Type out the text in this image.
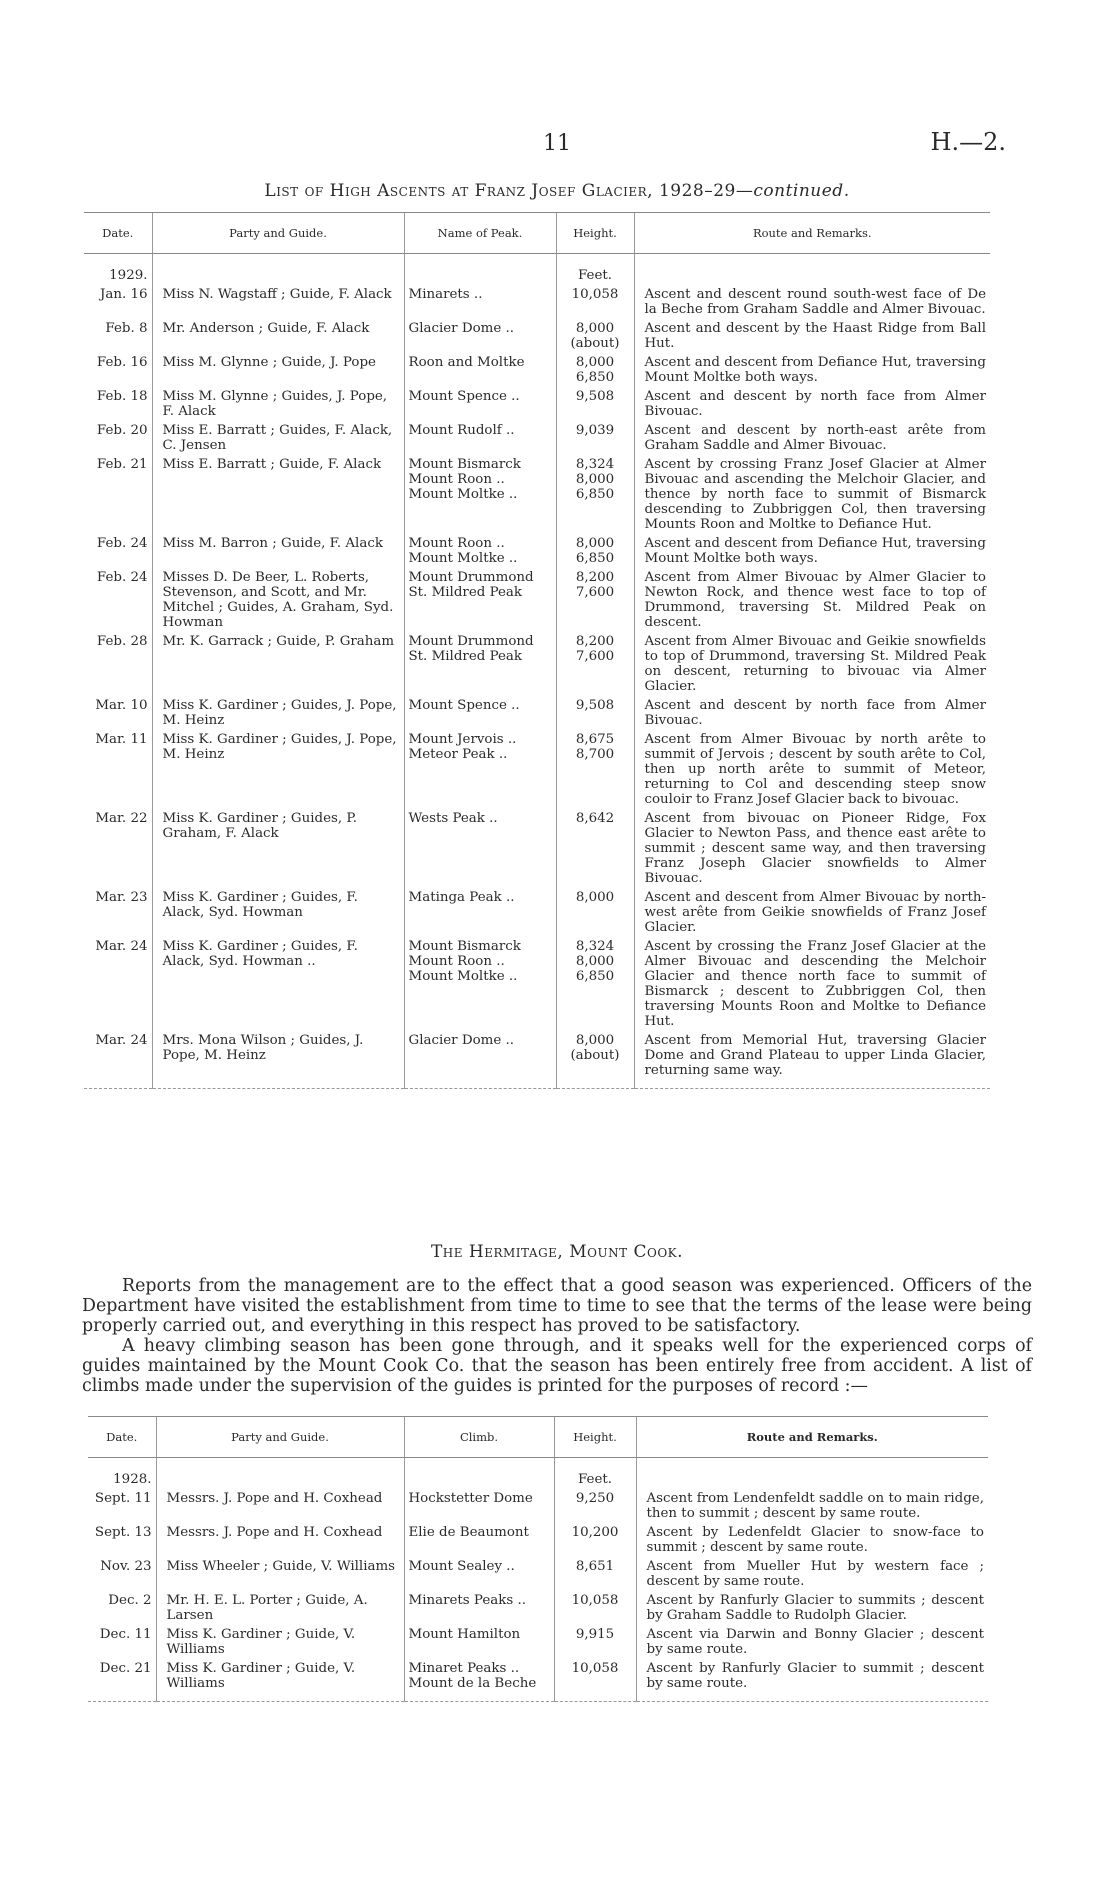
11	H.—2.
List of High Ascents at Franz Josef Glacier, 1928–29—continued.
Date.	Party and Guide.	Name of Peak.	Height.	Route and Remarks.
1929.			Feet.	
Jan. 16	Miss N. Wagstaff ; Guide, F. Alack	Minarets ..	10,058	Ascent and descent round south-west face of De la Beche from Graham Saddle and Almer Bivouac.
Feb. 8	Mr. Anderson ; Guide, F. Alack	Glacier Dome ..	8,000 (about)	Ascent and descent by the Haast Ridge from Ball Hut.
Feb. 16	Miss M. Glynne ; Guide, J. Pope	Roon and Moltke	8,000 6,850	Ascent and descent from Defiance Hut, traversing Mount Moltke both ways.
Feb. 18	Miss M. Glynne ; Guides, J. Pope, F. Alack	Mount Spence ..	9,508	Ascent and descent by north face from Almer Bivouac.
Feb. 20	Miss E. Barratt ; Guides, F. Alack, C. Jensen	Mount Rudolf ..	9,039	Ascent and descent by north-east arête from Graham Saddle and Almer Bivouac.
Feb. 21	Miss E. Barratt ; Guide, F. Alack	Mount Bismarck Mount Roon .. Mount Moltke ..	8,324 8,000 6,850	Ascent by crossing Franz Josef Glacier at Almer Bivouac and ascending the Melchoir Glacier, and thence by north face to summit of Bismarck descending to Zubbriggen Col, then traversing Mounts Roon and Moltke to Defiance Hut.
Feb. 24	Miss M. Barron ; Guide, F. Alack	Mount Roon .. Mount Moltke ..	8,000 6,850	Ascent and descent from Defiance Hut, traversing Mount Moltke both ways.
Feb. 24	Misses D. De Beer, L. Roberts, Stevenson, and Scott, and Mr. Mitchel ; Guides, A. Graham, Syd. Howman	Mount Drummond St. Mildred Peak	8,200 7,600	Ascent from Almer Bivouac by Almer Glacier to Newton Rock, and thence west face to top of Drummond, traversing St. Mildred Peak on descent.
Feb. 28	Mr. K. Garrack ; Guide, P. Graham	Mount Drummond St. Mildred Peak	8,200 7,600	Ascent from Almer Bivouac and Geikie snowfields to top of Drummond, traversing St. Mildred Peak on descent, returning to bivouac via Almer Glacier.
Mar. 10	Miss K. Gardiner ; Guides, J. Pope, M. Heinz	Mount Spence ..	9,508	Ascent and descent by north face from Almer Bivouac.
Mar. 11	Miss K. Gardiner ; Guides, J. Pope, M. Heinz	Mount Jervois .. Meteor Peak ..	8,675 8,700	Ascent from Almer Bivouac by north arête to summit of Jervois ; descent by south arête to Col, then up north arête to summit of Meteor, returning to Col and descending steep snow couloir to Franz Josef Glacier back to bivouac.
Mar. 22	Miss K. Gardiner ; Guides, P. Graham, F. Alack	Wests Peak ..	8,642	Ascent from bivouac on Pioneer Ridge, Fox Glacier to Newton Pass, and thence east arête to summit ; descent same way, and then traversing Franz Joseph Glacier snowfields to Almer Bivouac.
Mar. 23	Miss K. Gardiner ; Guides, F. Alack, Syd. Howman	Matinga Peak ..	8,000	Ascent and descent from Almer Bivouac by north-west arête from Geikie snowfields of Franz Josef Glacier.
Mar. 24	Miss K. Gardiner ; Guides, F. Alack, Syd. Howman ..	Mount Bismarck Mount Roon .. Mount Moltke ..	8,324 8,000 6,850	Ascent by crossing the Franz Josef Glacier at the Almer Bivouac and descending the Melchoir Glacier and thence north face to summit of Bismarck ; descent to Zubbriggen Col, then traversing Mounts Roon and Moltke to Defiance Hut.
Mar. 24	Mrs. Mona Wilson ; Guides, J. Pope, M. Heinz	Glacier Dome ..	8,000 (about)	Ascent from Memorial Hut, traversing Glacier Dome and Grand Plateau to upper Linda Glacier, returning same way.
The Hermitage, Mount Cook.

Reports from the management are to the effect that a good season was experienced. Officers of the Department have visited the establishment from time to time to see that the terms of the lease were being properly carried out, and everything in this respect has proved to be satisfactory.

A heavy climbing season has been gone through, and it speaks well for the experienced corps of guides maintained by the Mount Cook Co. that the season has been entirely free from accident. A list of climbs made under the supervision of the guides is printed for the purposes of record :—

Date.	Party and Guide.	Climb.	Height.	Route and Remarks.
1928.			Feet.	
Sept. 11	Messrs. J. Pope and H. Coxhead	Hockstetter Dome	9,250	Ascent from Lendenfeldt saddle on to main ridge, then to summit ; descent by same route.
Sept. 13	Messrs. J. Pope and H. Coxhead	Elie de Beaumont	10,200	Ascent by Ledenfeldt Glacier to snow-face to summit ; descent by same route.
Nov. 23	Miss Wheeler ; Guide, V. Williams	Mount Sealey ..	8,651	Ascent from Mueller Hut by western face ; descent by same route.
Dec. 2	Mr. H. E. L. Porter ; Guide, A. Larsen	Minarets Peaks ..	10,058	Ascent by Ranfurly Glacier to summits ; descent by Graham Saddle to Rudolph Glacier.
Dec. 11	Miss K. Gardiner ; Guide, V. Williams	Mount Hamilton	9,915	Ascent via Darwin and Bonny Glacier ; descent by same route.
Dec. 21	Miss K. Gardiner ; Guide, V. Williams	Minaret Peaks .. Mount de la Beche	10,058	Ascent by Ranfurly Glacier to summit ; descent by same route.
